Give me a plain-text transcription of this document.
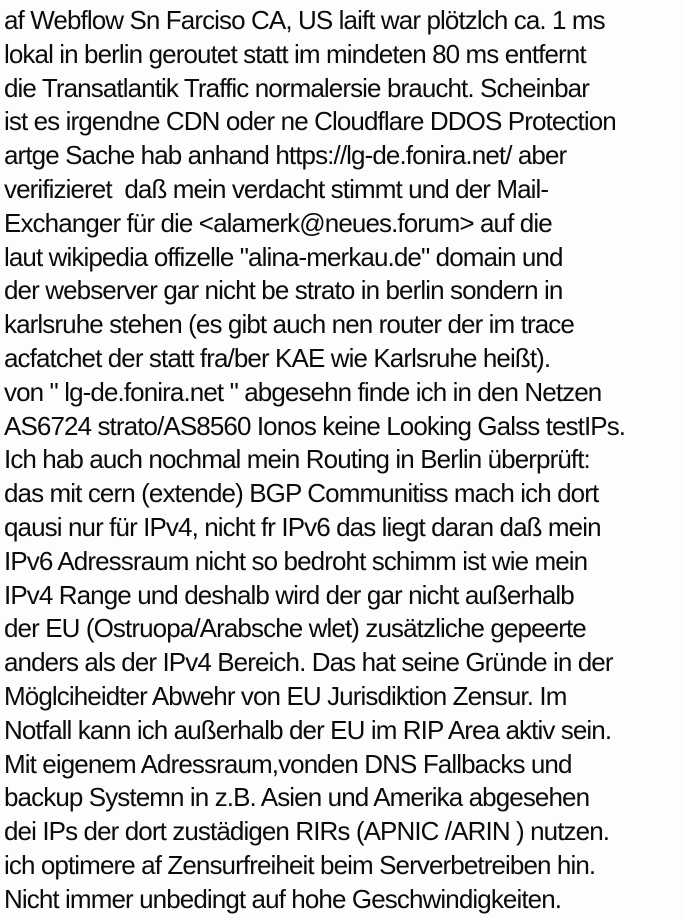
af Webflow Sn Farciso CA, US laift war plötzlch ca. 1 ms
lokal in berlin geroutet statt im mindeten 80 ms entfernt
die Transatlantik Traffic normalersie braucht. Scheinbar
ist es irgendne CDN oder ne Cloudflare DDOS Protection
artge Sache hab anhand https://lg-de.fonira.net/ aber
verifizieret  daß mein verdacht stimmt und der Mail-
Exchanger für die <alamerk@neues.forum> auf die
laut wikipedia offizelle "alina-merkau.de" domain und
der webserver gar nicht be strato in berlin sondern in
karlsruhe stehen (es gibt auch nen router der im trace
acfatchet der statt fra/ber KAE wie Karlsruhe heißt).
von " lg-de.fonira.net " abgesehn finde ich in den Netzen
AS6724 strato/AS8560 Ionos keine Looking Galss testIPs.
Ich hab auch nochmal mein Routing in Berlin überprüft:
das mit cern (extende) BGP Communitiss mach ich dort
qausi nur für IPv4, nicht fr IPv6 das liegt daran daß mein
IPv6 Adressraum nicht so bedroht schimm ist wie mein
IPv4 Range und deshalb wird der gar nicht außerhalb
der EU (Ostruopa/Arabsche wlet) zusätzliche gepeerte
anders als der IPv4 Bereich. Das hat seine Gründe in der
Möglciheidter Abwehr von EU Jurisdiktion Zensur. Im
Notfall kann ich außerhalb der EU im RIP Area aktiv sein.
Mit eigenem Adressraum,vonden DNS Fallbacks und
backup Systemn in z.B. Asien und Amerika abgesehen
dei IPs der dort zustädigen RIRs (APNIC /ARIN ) nutzen.
ich optimere af Zensurfreiheit beim Serverbetreiben hin.
Nicht immer unbedingt auf hohe Geschwindigkeiten.
